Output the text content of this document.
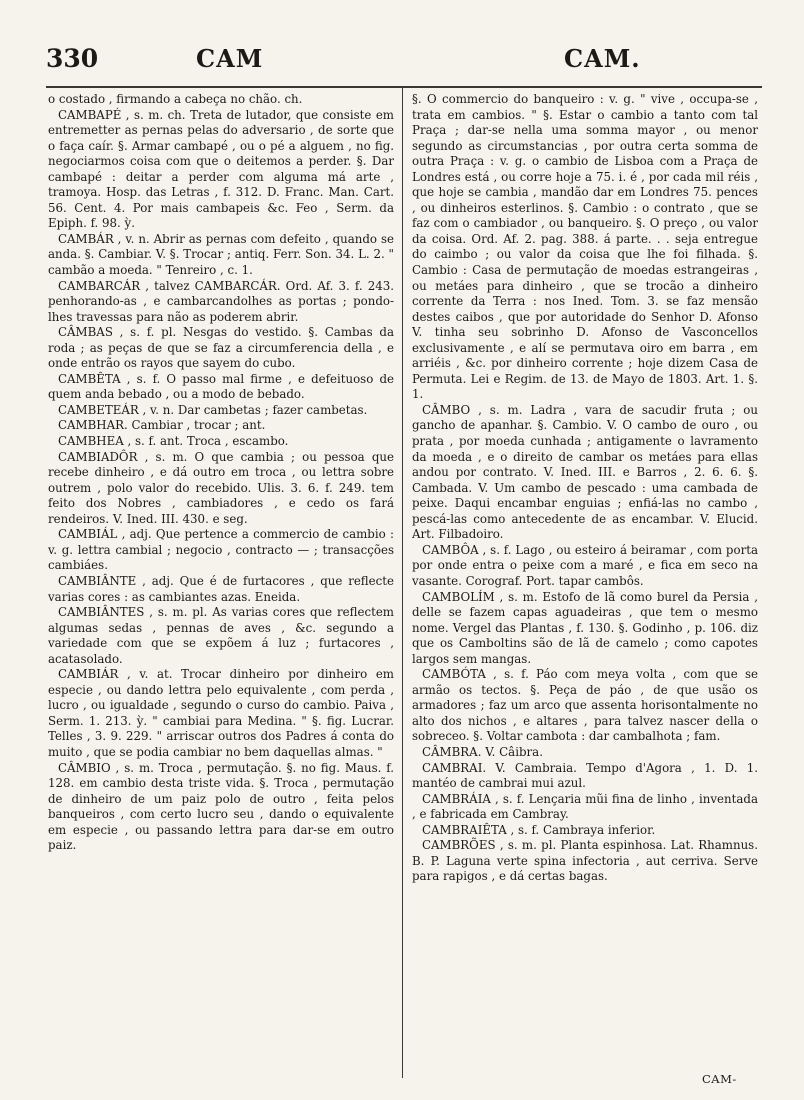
330	CAM	CAM.

o costado , firmando a cabeça no chão. ch.

CAMBAPÉ , s. m. ch. Treta de lutador, que consiste em entremetter as pernas pelas do adversario , de sorte que o faça caír. §. Armar cambapé , ou o pé a alguem , no fig. negociarmos coisa com que o deitemos a perder. §. Dar cambapé : deitar a perder com alguma má arte , tramoya. Hosp. das Letras , f. 312. D. Franc. Man. Cart. 56. Cent. 4. Por mais cambapeis &c. Feo , Serm. da Epiph. f. 98. ỳ.

CAMBÁR , v. n. Abrir as pernas com defeito , quando se anda. §. Cambiar. V. §. Trocar ; antiq. Ferr. Son. 34. L. 2. " cambão a moeda. " Tenreiro , c. 1.

CAMBARCÁR , talvez CAMBARCÁR. Ord. Af. 3. f. 243. penhorando-as , e cambarcandolhes as portas ; pondo-lhes travessas para não as poderem abrir.

CÂMBAS , s. f. pl. Nesgas do vestido. §. Cambas da roda ; as peças de que se faz a circumferencia della , e onde entrão os rayos que sayem do cubo.

CAMBÊTA , s. f. O passo mal firme , e defeituoso de quem anda bebado , ou a modo de bebado.

CAMBETEÁR , v. n. Dar cambetas ; fazer cambetas.

CAMBHAR. Cambiar , trocar ; ant.

CAMBHEA , s. f. ant. Troca , escambo.

CAMBIADÔR , s. m. O que cambia ; ou pessoa que recebe dinheiro , e dá outro em troca , ou lettra sobre outrem , polo valor do recebido. Ulis. 3. 6. f. 249. tem feito dos Nobres , cambiadores , e cedo os fará rendeiros. V. Ined. III. 430. e seg.

CAMBIÁL , adj. Que pertence a commercio de cambio : v. g. lettra cambial ; negocio , contracto — ; transacções cambiáes.

CAMBIÂNTE , adj. Que é de furtacores , que reflecte varias cores : as cambiantes azas. Eneida.

CAMBIÂNTES , s. m. pl. As varias cores que reflectem algumas sedas , pennas de aves , &c. segundo a variedade com que se expõem á luz ; furtacores , acatasolado.

CAMBIÁR , v. at. Trocar dinheiro por dinheiro em especie , ou dando lettra pelo equivalente , com perda , lucro , ou igualdade , segundo o curso do cambio. Paiva , Serm. 1. 213. ỳ. " cambiai para Medina. " §. fig. Lucrar. Telles , 3. 9. 229. " arriscar outros dos Padres á conta do muito , que se podia cambiar no bem daquellas almas. "

CÂMBIO , s. m. Troca , permutação. §. no fig. Maus. f. 128. em cambio desta triste vida. §. Troca , permutação de dinheiro de um paiz polo de outro , feita pelos banqueiros , com certo lucro seu , dando o equivalente em especie , ou passando lettra para dar-se em outro paiz.

§. O commercio do banqueiro : v. g. " vive , occupa-se , trata em cambios. " §. Estar o cambio a tanto com tal Praça ; dar-se nella uma somma mayor , ou menor segundo as circumstancias , por outra certa somma de outra Praça : v. g. o cambio de Lisboa com a Praça de Londres está , ou corre hoje a 75. i. é , por cada mil réis , que hoje se cambia , mandão dar em Londres 75. pences , ou dinheiros esterlinos. §. Cambio : o contrato , que se faz com o cambiador , ou banqueiro. §. O preço , ou valor da coisa. Ord. Af. 2. pag. 388. á parte. . . seja entregue do caimbo ; ou valor da coisa que lhe foi filhada. §. Cambio : Casa de permutação de moedas estrangeiras , ou metáes para dinheiro , que se trocão a dinheiro corrente da Terra : nos Ined. Tom. 3. se faz mensão destes caibos , que por autoridade do Senhor D. Afonso V. tinha seu sobrinho D. Afonso de Vasconcellos exclusivamente , e alí se permutava oiro em barra , em arriéis , &c. por dinheiro corrente ; hoje dizem Casa de Permuta. Lei e Regim. de 13. de Mayo de 1803. Art. 1. §. 1.

CÂMBO , s. m. Ladra , vara de sacudir fruta ; ou gancho de apanhar. §. Cambio. V. O cambo de ouro , ou prata , por moeda cunhada ; antigamente o lavramento da moeda , e o direito de cambar os metáes para ellas andou por contrato. V. Ined. III. e Barros , 2. 6. 6. §. Cambada. V. Um cambo de pescado : uma cambada de peixe. Daqui encambar enguias ; enfiá-las no cambo , pescá-las como antecedente de as encambar. V. Elucid. Art. Filbadoiro.

CAMBÔA , s. f. Lago , ou esteiro á beiramar , com porta por onde entra o peixe com a maré , e fica em seco na vasante. Corograf. Port. tapar cambôs.

CAMBOLÍM , s. m. Estofo de lã como burel da Persia , delle se fazem capas aguadeiras , que tem o mesmo nome. Vergel das Plantas , f. 130. §. Godinho , p. 106. diz que os Camboltins são de lã de camelo ; como capotes largos sem mangas.

CAMBÓTA , s. f. Páo com meya volta , com que se armão os tectos. §. Peça de páo , de que usão os armadores ; faz um arco que assenta horisontalmente no alto dos nichos , e altares , para talvez nascer della o sobreceo. §. Voltar cambota : dar cambalhota ; fam.

CÂMBRA. V. Câibra.

CAMBRAI. V. Cambraia. Tempo d'Agora , 1. D. 1. mantéo de cambrai mui azul.

CAMBRÁIA , s. f. Lençaria mũi fina de linho , inventada , e fabricada em Cambray.

CAMBRAIÊTA , s. f. Cambraya inferior.

CAMBRÕES , s. m. pl. Planta espinhosa. Lat. Rhamnus. B. P. Laguna verte spina infectoria , aut cerriva. Serve para rapigos , e dá certas bagas.

CAM-
